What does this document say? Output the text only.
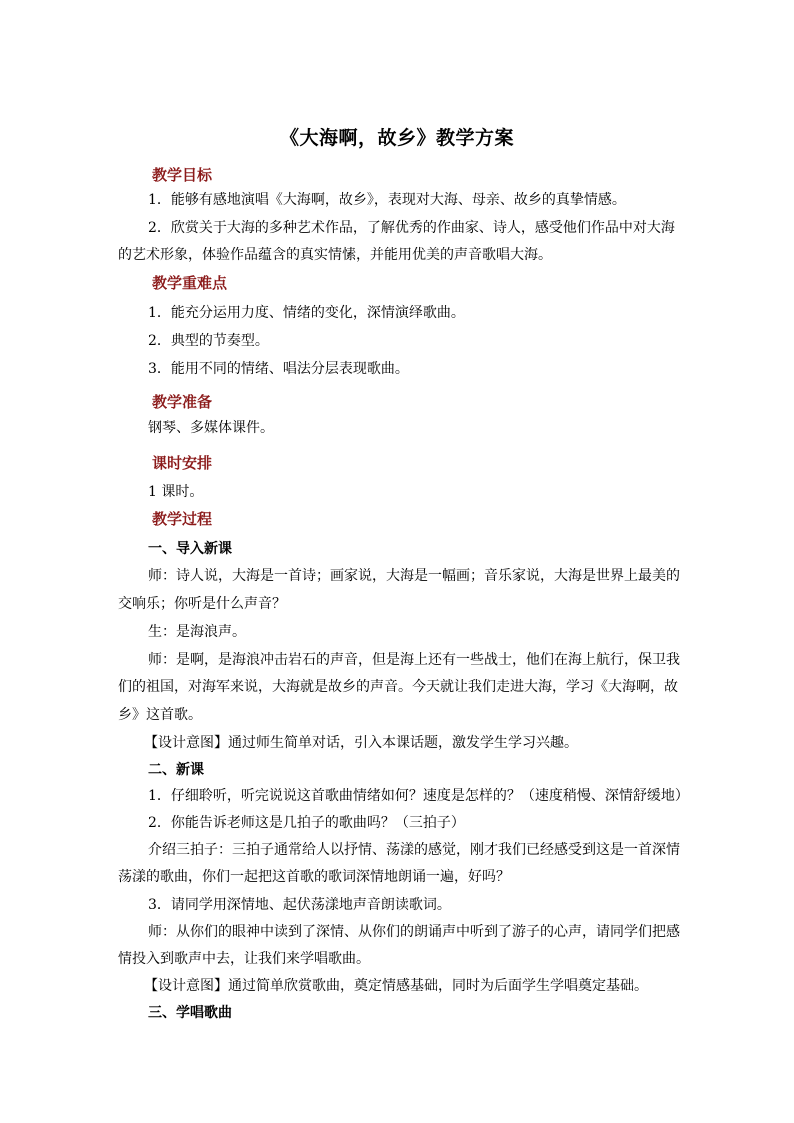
《大海啊，故乡》教学方案
教学目标
1．能够有感地演唱《大海啊，故乡》，表现对大海、母亲、故乡的真挚情感。
2．欣赏关于大海的多种艺术作品，了解优秀的作曲家、诗人，感受他们作品中对大海
的艺术形象，体验作品蕴含的真实情愫，并能用优美的声音歌唱大海。
教学重难点
1．能充分运用力度、情绪的变化，深情演绎歌曲。
2．典型的节奏型。
3．能用不同的情绪、唱法分层表现歌曲。
教学准备
钢琴、多媒体课件。
课时安排
1 课时。
教学过程
一、导入新课
师：诗人说，大海是一首诗；画家说，大海是一幅画；音乐家说，大海是世界上最美的
交响乐；你听是什么声音？
生：是海浪声。
师：是啊，是海浪冲击岩石的声音，但是海上还有一些战士，他们在海上航行，保卫我
们的祖国，对海军来说，大海就是故乡的声音。今天就让我们走进大海，学习《大海啊，故
乡》这首歌。
【设计意图】通过师生简单对话，引入本课话题，激发学生学习兴趣。
二、新课
1．仔细聆听，听完说说这首歌曲情绪如何？速度是怎样的？（速度稍慢、深情舒缓地）
2．你能告诉老师这是几拍子的歌曲吗？（三拍子）
介绍三拍子：三拍子通常给人以抒情、荡漾的感觉，刚才我们已经感受到这是一首深情
荡漾的歌曲，你们一起把这首歌的歌词深情地朗诵一遍，好吗？
3．请同学用深情地、起伏荡漾地声音朗读歌词。
师：从你们的眼神中读到了深情、从你们的朗诵声中听到了游子的心声，请同学们把感
情投入到歌声中去，让我们来学唱歌曲。
【设计意图】通过简单欣赏歌曲，奠定情感基础，同时为后面学生学唱奠定基础。
三、学唱歌曲
